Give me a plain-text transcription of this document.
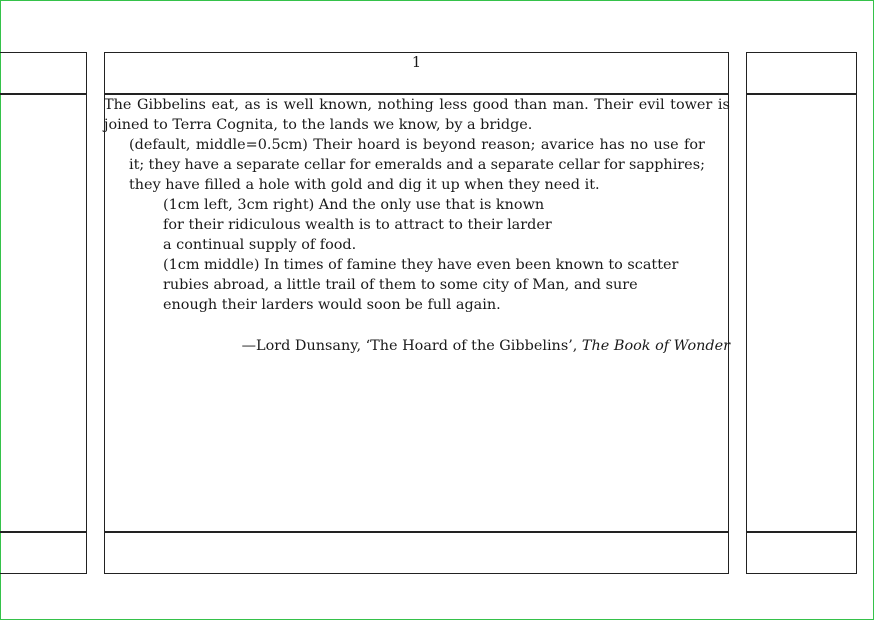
1
The Gibbelins eat, as is well known, nothing less good than man. Their evil tower is
joined to Terra Cognita, to the lands we know, by a bridge.
(default, middle=0.5cm) Their hoard is beyond reason; avarice has no use for
it; they have a separate cellar for emeralds and a separate cellar for sapphires;
they have filled a hole with gold and dig it up when they need it.
(1cm left, 3cm right) And the only use that is known
for their ridiculous wealth is to attract to their larder
a continual supply of food.
(1cm middle) In times of famine they have even been known to scatter
rubies abroad, a little trail of them to some city of Man, and sure
enough their larders would soon be full again.
—Lord Dunsany, ‘The Hoard of the Gibbelins’, The Book of Wonder
